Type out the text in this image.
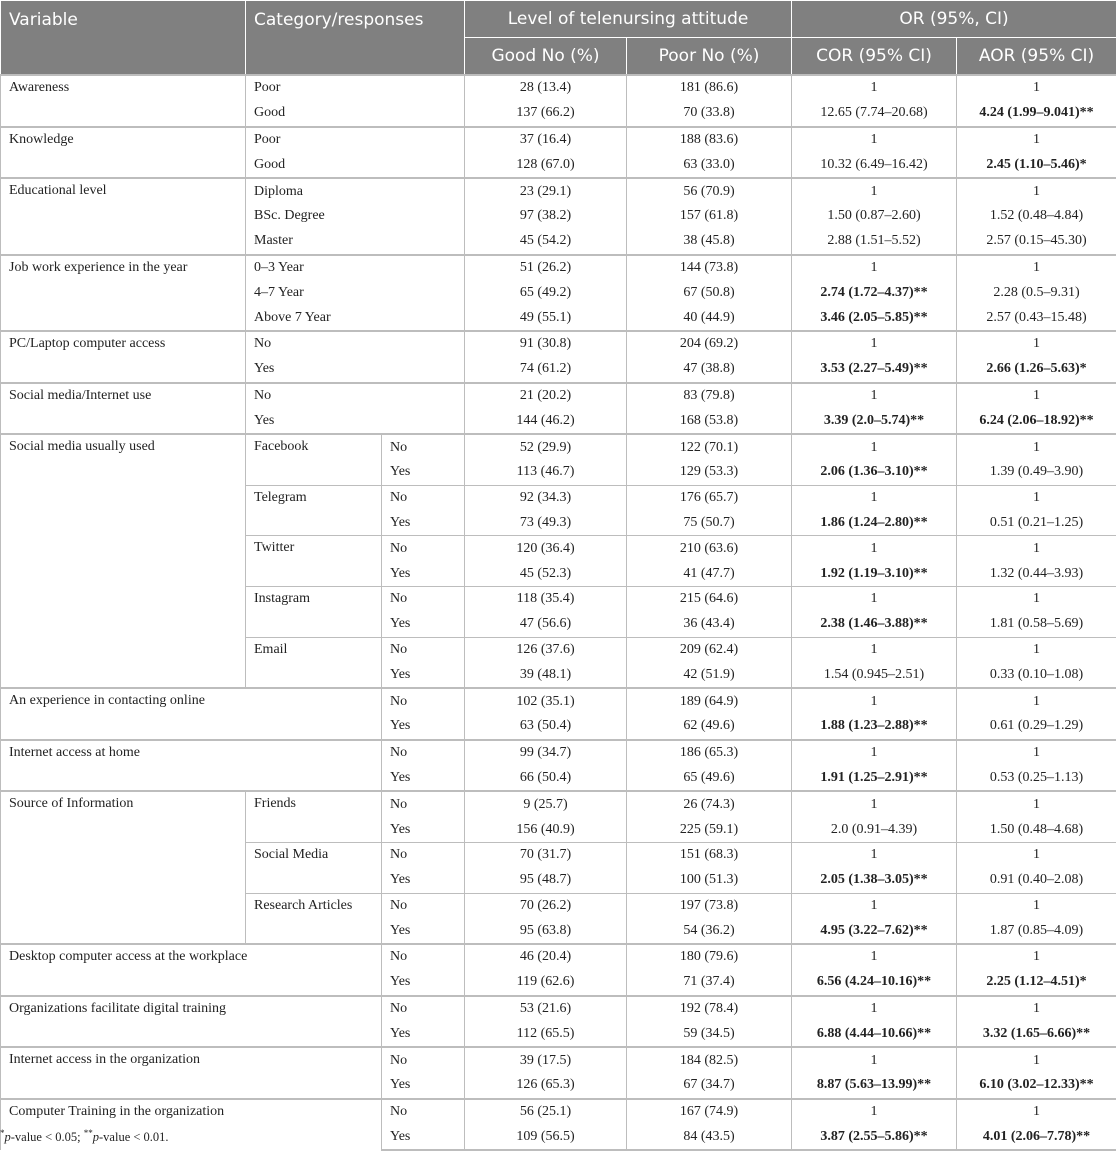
Variable	Category/responses		Level of telenursing attitude		OR (95%, CI)	
			Good No (%)	Poor No (%)	COR (95% CI)	AOR (95% CI)
Awareness	Poor		28 (13.4)	181 (86.6)	1	1
	Good		137 (66.2)	70 (33.8)	12.65 (7.74–20.68)	4.24 (1.99–9.041)**
Knowledge	Poor		37 (16.4)	188 (83.6)	1	1
	Good		128 (67.0)	63 (33.0)	10.32 (6.49–16.42)	2.45 (1.10–5.46)*
Educational level	Diploma		23 (29.1)	56 (70.9)	1	1
	BSc. Degree		97 (38.2)	157 (61.8)	1.50 (0.87–2.60)	1.52 (0.48–4.84)
	Master		45 (54.2)	38 (45.8)	2.88 (1.51–5.52)	2.57 (0.15–45.30)
Job work experience in the year	0–3 Year		51 (26.2)	144 (73.8)	1	1
	4–7 Year		65 (49.2)	67 (50.8)	2.74 (1.72–4.37)**	2.28 (0.5–9.31)
	Above 7 Year		49 (55.1)	40 (44.9)	3.46 (2.05–5.85)**	2.57 (0.43–15.48)
PC/Laptop computer access	No		91 (30.8)	204 (69.2)	1	1
	Yes		74 (61.2)	47 (38.8)	3.53 (2.27–5.49)**	2.66 (1.26–5.63)*
Social media/Internet use	No		21 (20.2)	83 (79.8)	1	1
	Yes		144 (46.2)	168 (53.8)	3.39 (2.0–5.74)**	6.24 (2.06–18.92)**
Social media usually used	Facebook	No	52 (29.9)	122 (70.1)	1	1
		Yes	113 (46.7)	129 (53.3)	2.06 (1.36–3.10)**	1.39 (0.49–3.90)
	Telegram	No	92 (34.3)	176 (65.7)	1	1
		Yes	73 (49.3)	75 (50.7)	1.86 (1.24–2.80)**	0.51 (0.21–1.25)
	Twitter	No	120 (36.4)	210 (63.6)	1	1
		Yes	45 (52.3)	41 (47.7)	1.92 (1.19–3.10)**	1.32 (0.44–3.93)
	Instagram	No	118 (35.4)	215 (64.6)	1	1
		Yes	47 (56.6)	36 (43.4)	2.38 (1.46–3.88)**	1.81 (0.58–5.69)
	Email	No	126 (37.6)	209 (62.4)	1	1
		Yes	39 (48.1)	42 (51.9)	1.54 (0.945–2.51)	0.33 (0.10–1.08)
An experience in contacting online		No	102 (35.1)	189 (64.9)	1	1
		Yes	63 (50.4)	62 (49.6)	1.88 (1.23–2.88)**	0.61 (0.29–1.29)
Internet access at home		No	99 (34.7)	186 (65.3)	1	1
		Yes	66 (50.4)	65 (49.6)	1.91 (1.25–2.91)**	0.53 (0.25–1.13)
Source of Information	Friends	No	9 (25.7)	26 (74.3)	1	1
		Yes	156 (40.9)	225 (59.1)	2.0 (0.91–4.39)	1.50 (0.48–4.68)
	Social Media	No	70 (31.7)	151 (68.3)	1	1
		Yes	95 (48.7)	100 (51.3)	2.05 (1.38–3.05)**	0.91 (0.40–2.08)
	Research Articles	No	70 (26.2)	197 (73.8)	1	1
		Yes	95 (63.8)	54 (36.2)	4.95 (3.22–7.62)**	1.87 (0.85–4.09)
Desktop computer access at the workplace		No	46 (20.4)	180 (79.6)	1	1
		Yes	119 (62.6)	71 (37.4)	6.56 (4.24–10.16)**	2.25 (1.12–4.51)*
Organizations facilitate digital training		No	53 (21.6)	192 (78.4)	1	1
		Yes	112 (65.5)	59 (34.5)	6.88 (4.44–10.66)**	3.32 (1.65–6.66)**
Internet access in the organization		No	39 (17.5)	184 (82.5)	1	1
		Yes	126 (65.3)	67 (34.7)	8.87 (5.63–13.99)**	6.10 (3.02–12.33)**
Computer Training in the organization		No	56 (25.1)	167 (74.9)	1	1
		Yes	109 (56.5)	84 (43.5)	3.87 (2.55–5.86)**	4.01 (2.06–7.78)**
*p-value < 0.05; **p-value < 0.01.
